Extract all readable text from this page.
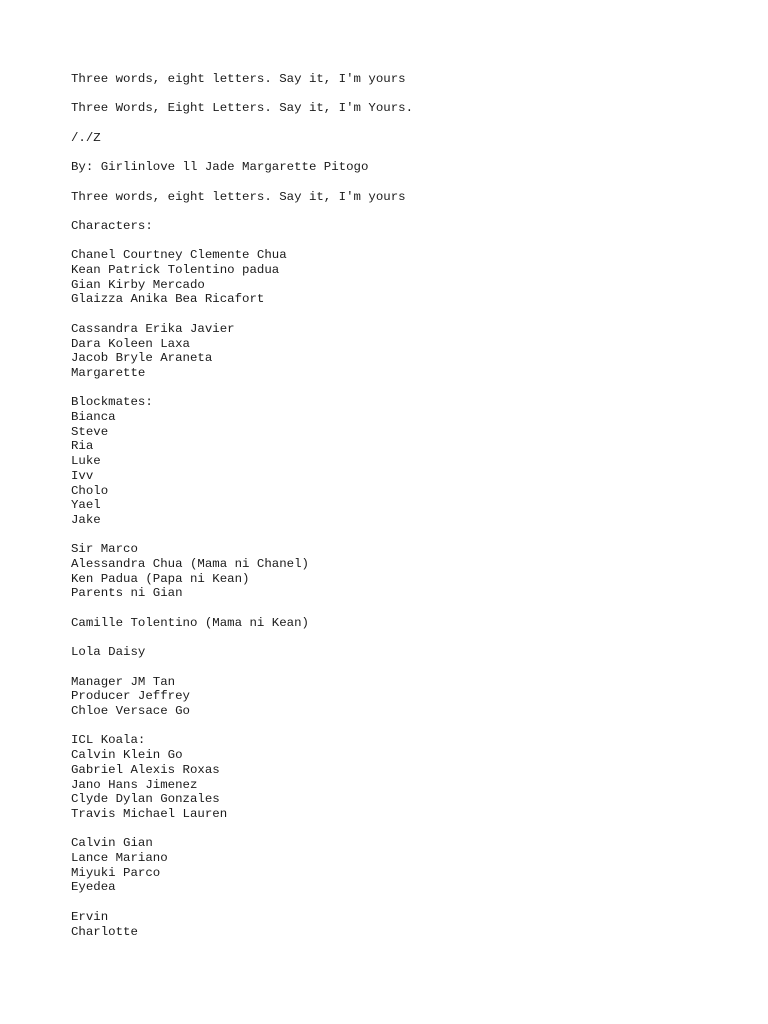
Three words, eight letters. Say it, I'm yours
Three Words, Eight Letters. Say it, I'm Yours.
/./Z
By: Girlinlove ll Jade Margarette Pitogo
Three words, eight letters. Say it, I'm yours
Characters:
Chanel Courtney Clemente Chua
Kean Patrick Tolentino padua
Gian Kirby Mercado
Glaizza Anika Bea Ricafort
Cassandra Erika Javier
Dara Koleen Laxa
Jacob Bryle Araneta
Margarette
Blockmates:
Bianca
Steve
Ria
Luke
Ivv
Cholo
Yael
Jake
Sir Marco
Alessandra Chua (Mama ni Chanel)
Ken Padua (Papa ni Kean)
Parents ni Gian
Camille Tolentino (Mama ni Kean)
Lola Daisy
Manager JM Tan
Producer Jeffrey
Chloe Versace Go
ICL Koala:
Calvin Klein Go
Gabriel Alexis Roxas
Jano Hans Jimenez
Clyde Dylan Gonzales
Travis Michael Lauren
Calvin Gian
Lance Mariano
Miyuki Parco
Eyedea
Ervin
Charlotte
